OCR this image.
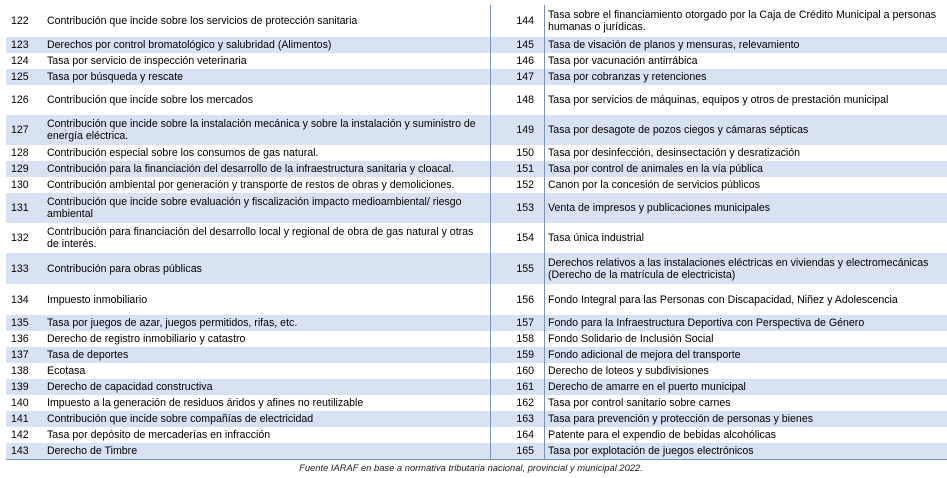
122	Contribución que incide sobre los servicios de protección sanitaria	144	Tasa sobre el financiamiento otorgado por la Caja de Crédito Municipal a personas humanas o jurídicas.
123	Derechos por control bromatológico y salubridad (Alimentos)	145	Tasa de visación de planos y mensuras, relevamiento
124	Tasa por servicio de inspección veterinaria	146	Tasa por vacunación antirrábica
125	Tasa por búsqueda y rescate	147	Tasa por cobranzas y retenciones
126	Contribución que incide sobre los mercados	148	Tasa por servicios de máquinas, equipos y otros de prestación municipal
127	Contribución que incide sobre la instalación mecánica y sobre la instalación y suministro de energía eléctrica.	149	Tasa por desagote de pozos ciegos y cámaras sépticas
128	Contribución especial sobre los consumos de gas natural.	150	Tasa por desinfección, desinsectación y desratización
129	Contribución para la financiación del desarrollo de la infraestructura sanitaria y cloacal.	151	Tasa por control de animales en la vía pública
130	Contribución ambiental por generación y transporte de restos de obras y demoliciones.	152	Canon por la concesión de servicios públicos
131	Contribución que incide sobre evaluación y fiscalización impacto medioambiental/ riesgo ambiental	153	Venta de impresos y publicaciones municipales
132	Contribución para financiación del desarrollo local y regional de obra de gas natural y otras de interés.	154	Tasa única industrial
133	Contribución para obras públicas	155	Derechos relativos a las instalaciones eléctricas en viviendas y electromecánicas (Derecho de la matrícula de electricista)
134	Impuesto inmobiliario	156	Fondo Integral para las Personas con Discapacidad, Niñez y Adolescencia
135	Tasa por juegos de azar, juegos permitidos, rifas, etc.	157	Fondo para la Infraestructura Deportiva con Perspectiva de Género
136	Derecho de registro inmobiliario y catastro	158	Fondo Solidario de Inclusión Social
137	Tasa de deportes	159	Fondo adicional de mejora del transporte
138	Ecotasa	160	Derecho de loteos y subdivisiones
139	Derecho de capacidad constructiva	161	Derecho de amarre en el puerto municipal
140	Impuesto a la generación de residuos áridos y afines no reutilizable	162	Tasa por control sanitario sobre carnes
141	Contribución que incide sobre compañías de electricidad	163	Tasa para prevención y protección de personas y bienes
142	Tasa por depósito de mercaderías en infracción	164	Patente para el expendio de bebidas alcohólicas
143	Derecho de Timbre	165	Tasa por explotación de juegos electrónicos
Fuente IARAF en base a normativa tributaria nacional, provincial y municipal 2022.
